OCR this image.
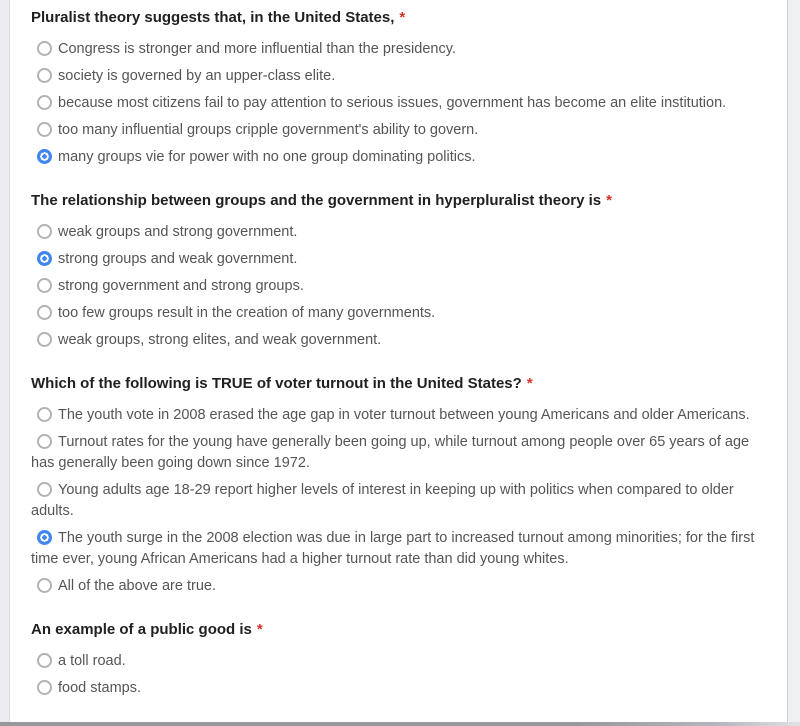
Pluralist theory suggests that, in the United States, *
Congress is stronger and more influential than the presidency.
society is governed by an upper-class elite.
because most citizens fail to pay attention to serious issues, government has become an elite institution.
too many influential groups cripple government's ability to govern.
many groups vie for power with no one group dominating politics.
The relationship between groups and the government in hyperpluralist theory is *
weak groups and strong government.
strong groups and weak government.
strong government and strong groups.
too few groups result in the creation of many governments.
weak groups, strong elites, and weak government.
Which of the following is TRUE of voter turnout in the United States? *
The youth vote in 2008 erased the age gap in voter turnout between young Americans and older Americans.
Turnout rates for the young have generally been going up, while turnout among people over 65 years of age has generally been going down since 1972.
Young adults age 18-29 report higher levels of interest in keeping up with politics when compared to older adults.
The youth surge in the 2008 election was due in large part to increased turnout among minorities; for the first time ever, young African Americans had a higher turnout rate than did young whites.
All of the above are true.
An example of a public good is *
a toll road.
food stamps.
